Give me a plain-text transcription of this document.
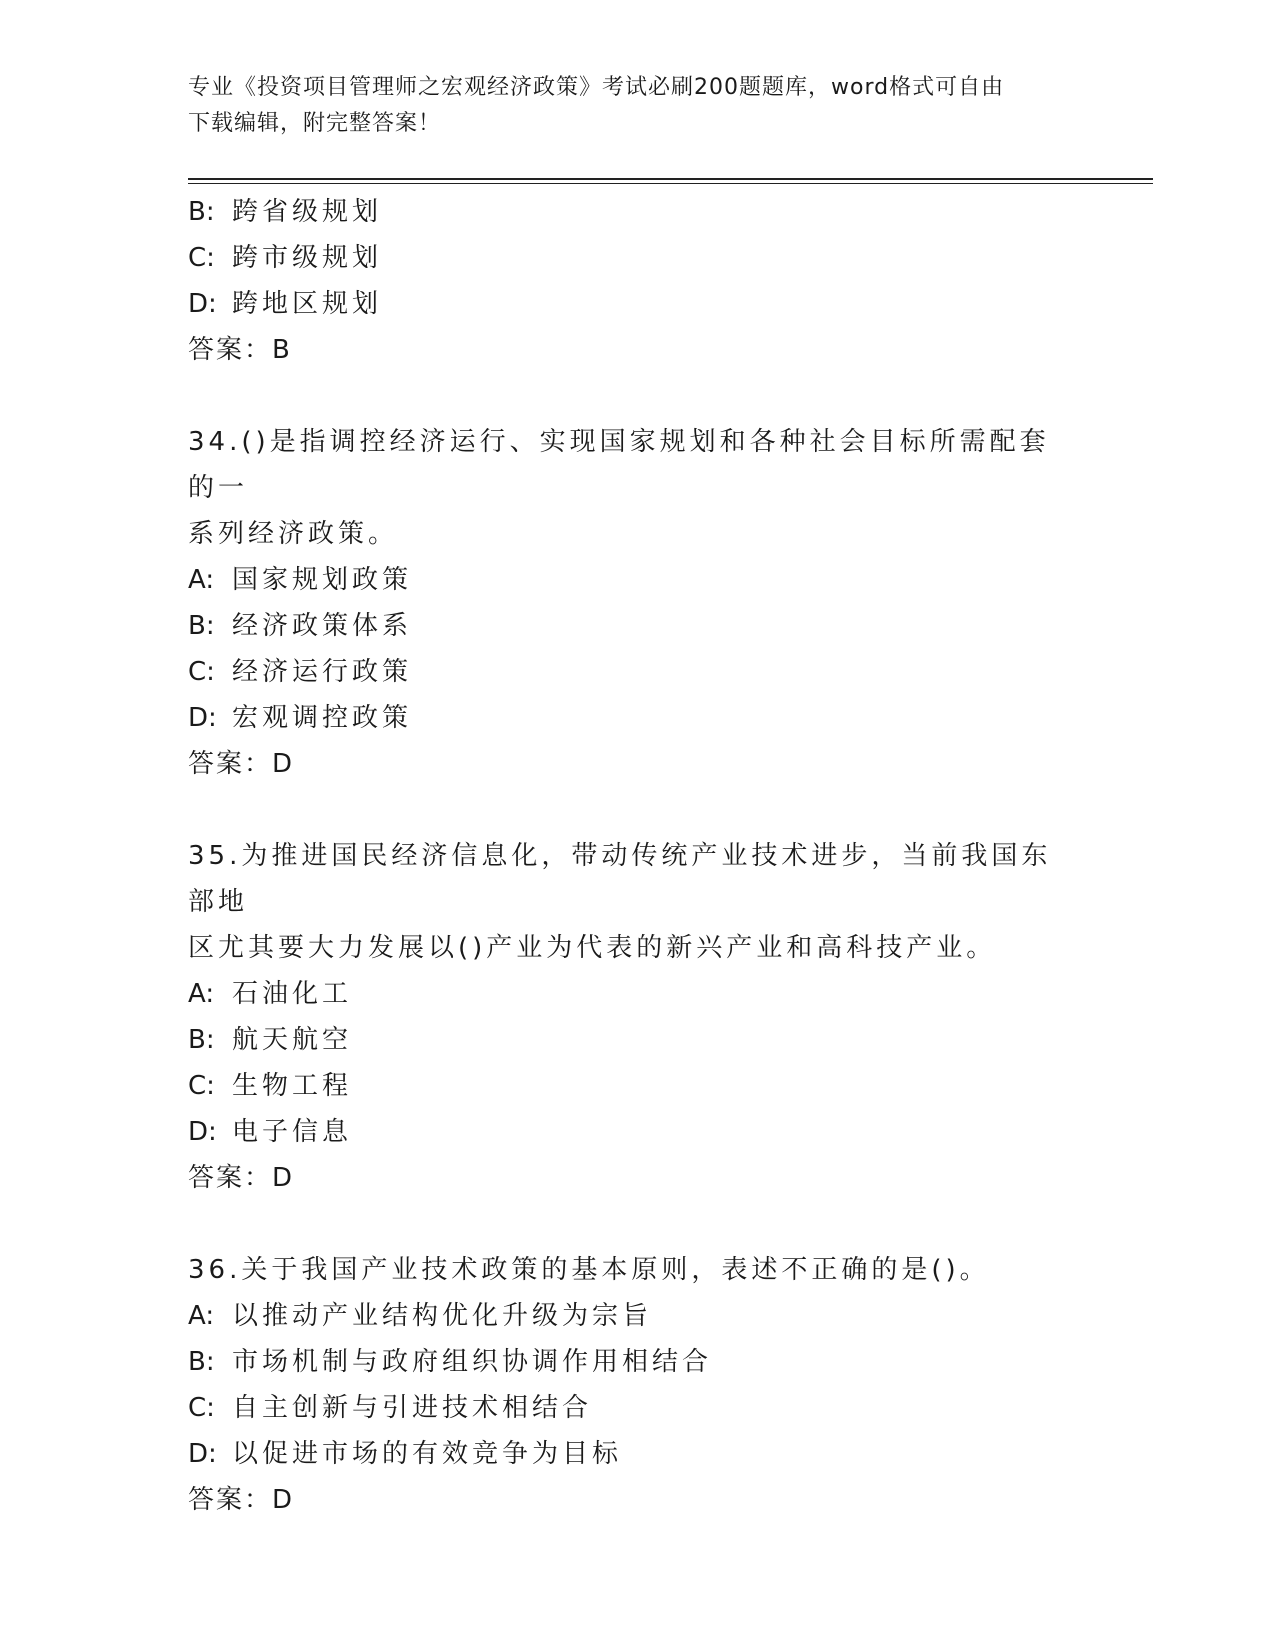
专业《投资项目管理师之宏观经济政策》考试必刷200题题库，word格式可自由
下载编辑，附完整答案！
B: 跨省级规划
C: 跨市级规划
D: 跨地区规划
答案：B
34.()是指调控经济运行、实现国家规划和各种社会目标所需配套的一
系列经济政策。
A: 国家规划政策
B: 经济政策体系
C: 经济运行政策
D: 宏观调控政策
答案：D
35.为推进国民经济信息化，带动传统产业技术进步，当前我国东部地
区尤其要大力发展以()产业为代表的新兴产业和高科技产业。
A: 石油化工
B: 航天航空
C: 生物工程
D: 电子信息
答案：D
36.关于我国产业技术政策的基本原则，表述不正确的是()。
A: 以推动产业结构优化升级为宗旨
B: 市场机制与政府组织协调作用相结合
C: 自主创新与引进技术相结合
D: 以促进市场的有效竞争为目标
答案：D
